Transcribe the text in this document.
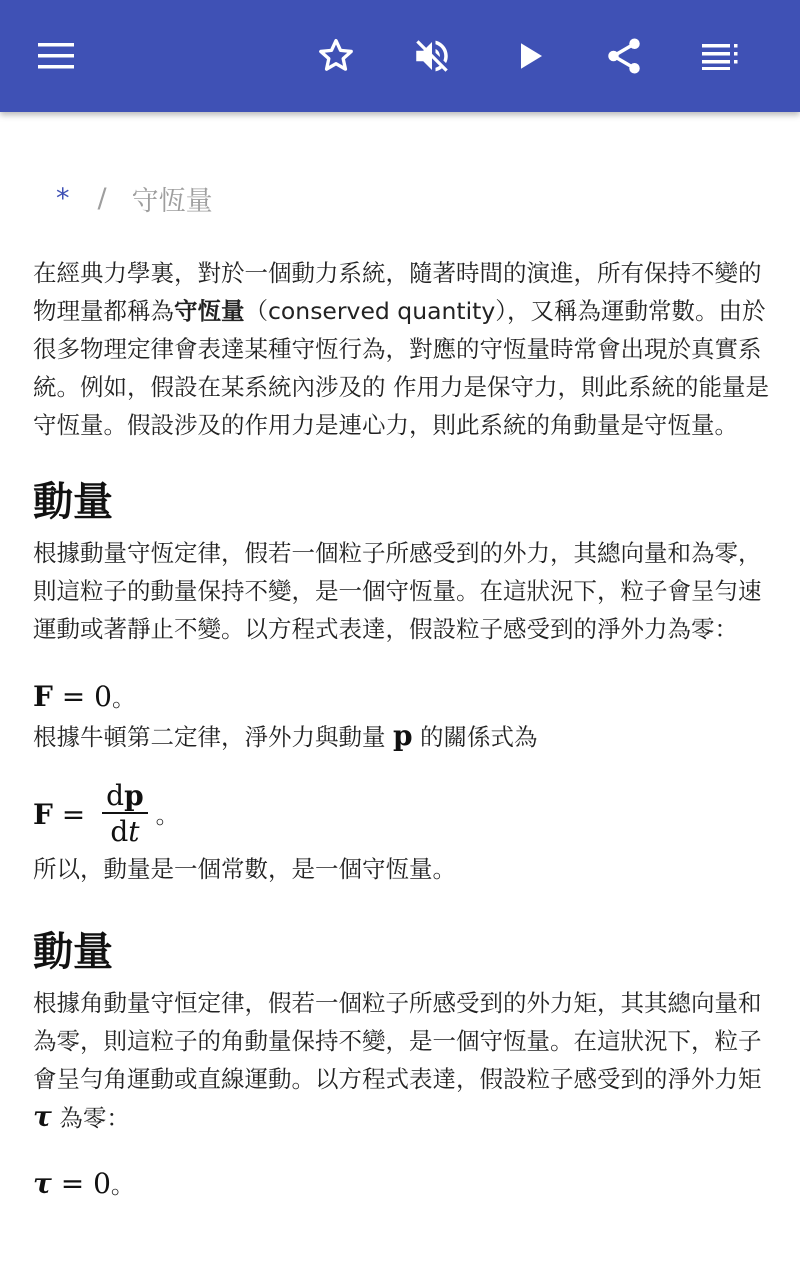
* / 守恆量

在經典力學裏，對於一個動力系統，隨著時間的演進，所有保持不變的物理量都稱為守恆量（conserved quantity），又稱為運動常數。由於很多物理定律會表達某種守恆行為，對應的守恆量時常會出現於真實系統。例如，假設在某系統內涉及的 作用力是保守力，則此系統的能量是守恆量。假設涉及的作用力是連心力，則此系統的角動量是守恆量。

動量

根據動量守恆定律，假若一個粒子所感受到的外力，其總向量和為零，則這粒子的動量保持不變，是一個守恆量。在這狀況下，粒子會呈勻速運動或著靜止不變。以方程式表達，假設粒子感受到的淨外力為零：

F = 0。

根據牛頓第二定律，淨外力與動量 p 的關係式為

$F = \frac{dp}{dt}$ 。

所以，動量是一個常數，是一個守恆量。

動量

根據角動量守恒定律，假若一個粒子所感受到的外力矩，其其總向量和為零，則這粒子的角動量保持不變，是一個守恆量。在這狀況下，粒子會呈勻角運動或直線運動。以方程式表達，假設粒子感受到的淨外力矩 τ 為零：

τ = 0。
